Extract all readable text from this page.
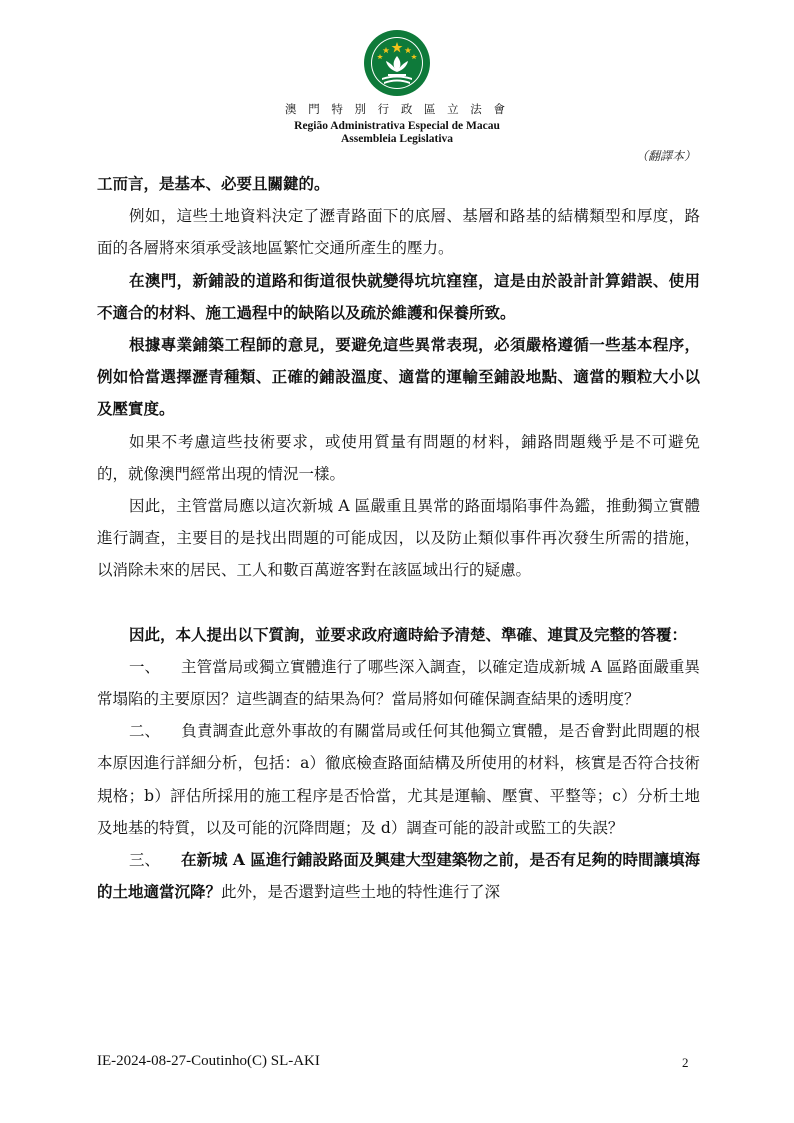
澳 門 特 別 行 政 區 立 法 會
Região Administrativa Especial de Macau
Assembleia Legislativa
（翻譯本）

工而言，是基本、必要且關鍵的。

例如，這些土地資料決定了瀝青路面下的底層、基層和路基的結構類型和厚度，路面的各層將來須承受該地區繁忙交通所產生的壓力。

在澳門，新鋪設的道路和街道很快就變得坑坑窪窪，這是由於設計計算錯誤、使用不適合的材料、施工過程中的缺陷以及疏於維護和保養所致。

根據專業鋪築工程師的意見，要避免這些異常表現，必須嚴格遵循一些基本程序，例如恰當選擇瀝青種類、正確的鋪設溫度、適當的運輸至鋪設地點、適當的顆粒大小以及壓實度。

如果不考慮這些技術要求，或使用質量有問題的材料，鋪路問題幾乎是不可避免的，就像澳門經常出現的情況一樣。

因此，主管當局應以這次新城 A 區嚴重且異常的路面塌陷事件為鑑，推動獨立實體進行調查，主要目的是找出問題的可能成因，以及防止類似事件再次發生所需的措施，以消除未來的居民、工人和數百萬遊客對在該區域出行的疑慮。

因此，本人提出以下質詢，並要求政府適時給予清楚、準確、連貫及完整的答覆：

一、 主管當局或獨立實體進行了哪些深入調查，以確定造成新城 A 區路面嚴重異常塌陷的主要原因？這些調查的結果為何？當局將如何確保調查結果的透明度？

二、 負責調查此意外事故的有關當局或任何其他獨立實體，是否會對此問題的根本原因進行詳細分析，包括：a）徹底檢查路面結構及所使用的材料，核實是否符合技術規格；b）評估所採用的施工程序是否恰當，尤其是運輸、壓實、平整等；c）分析土地及地基的特質，以及可能的沉降問題；及 d）調查可能的設計或監工的失誤？

三、 在新城 A 區進行鋪設路面及興建大型建築物之前，是否有足夠的時間讓填海的土地適當沉降？此外，是否還對這些土地的特性進行了深

IE-2024-08-27-Coutinho(C) SL-AKI	2
